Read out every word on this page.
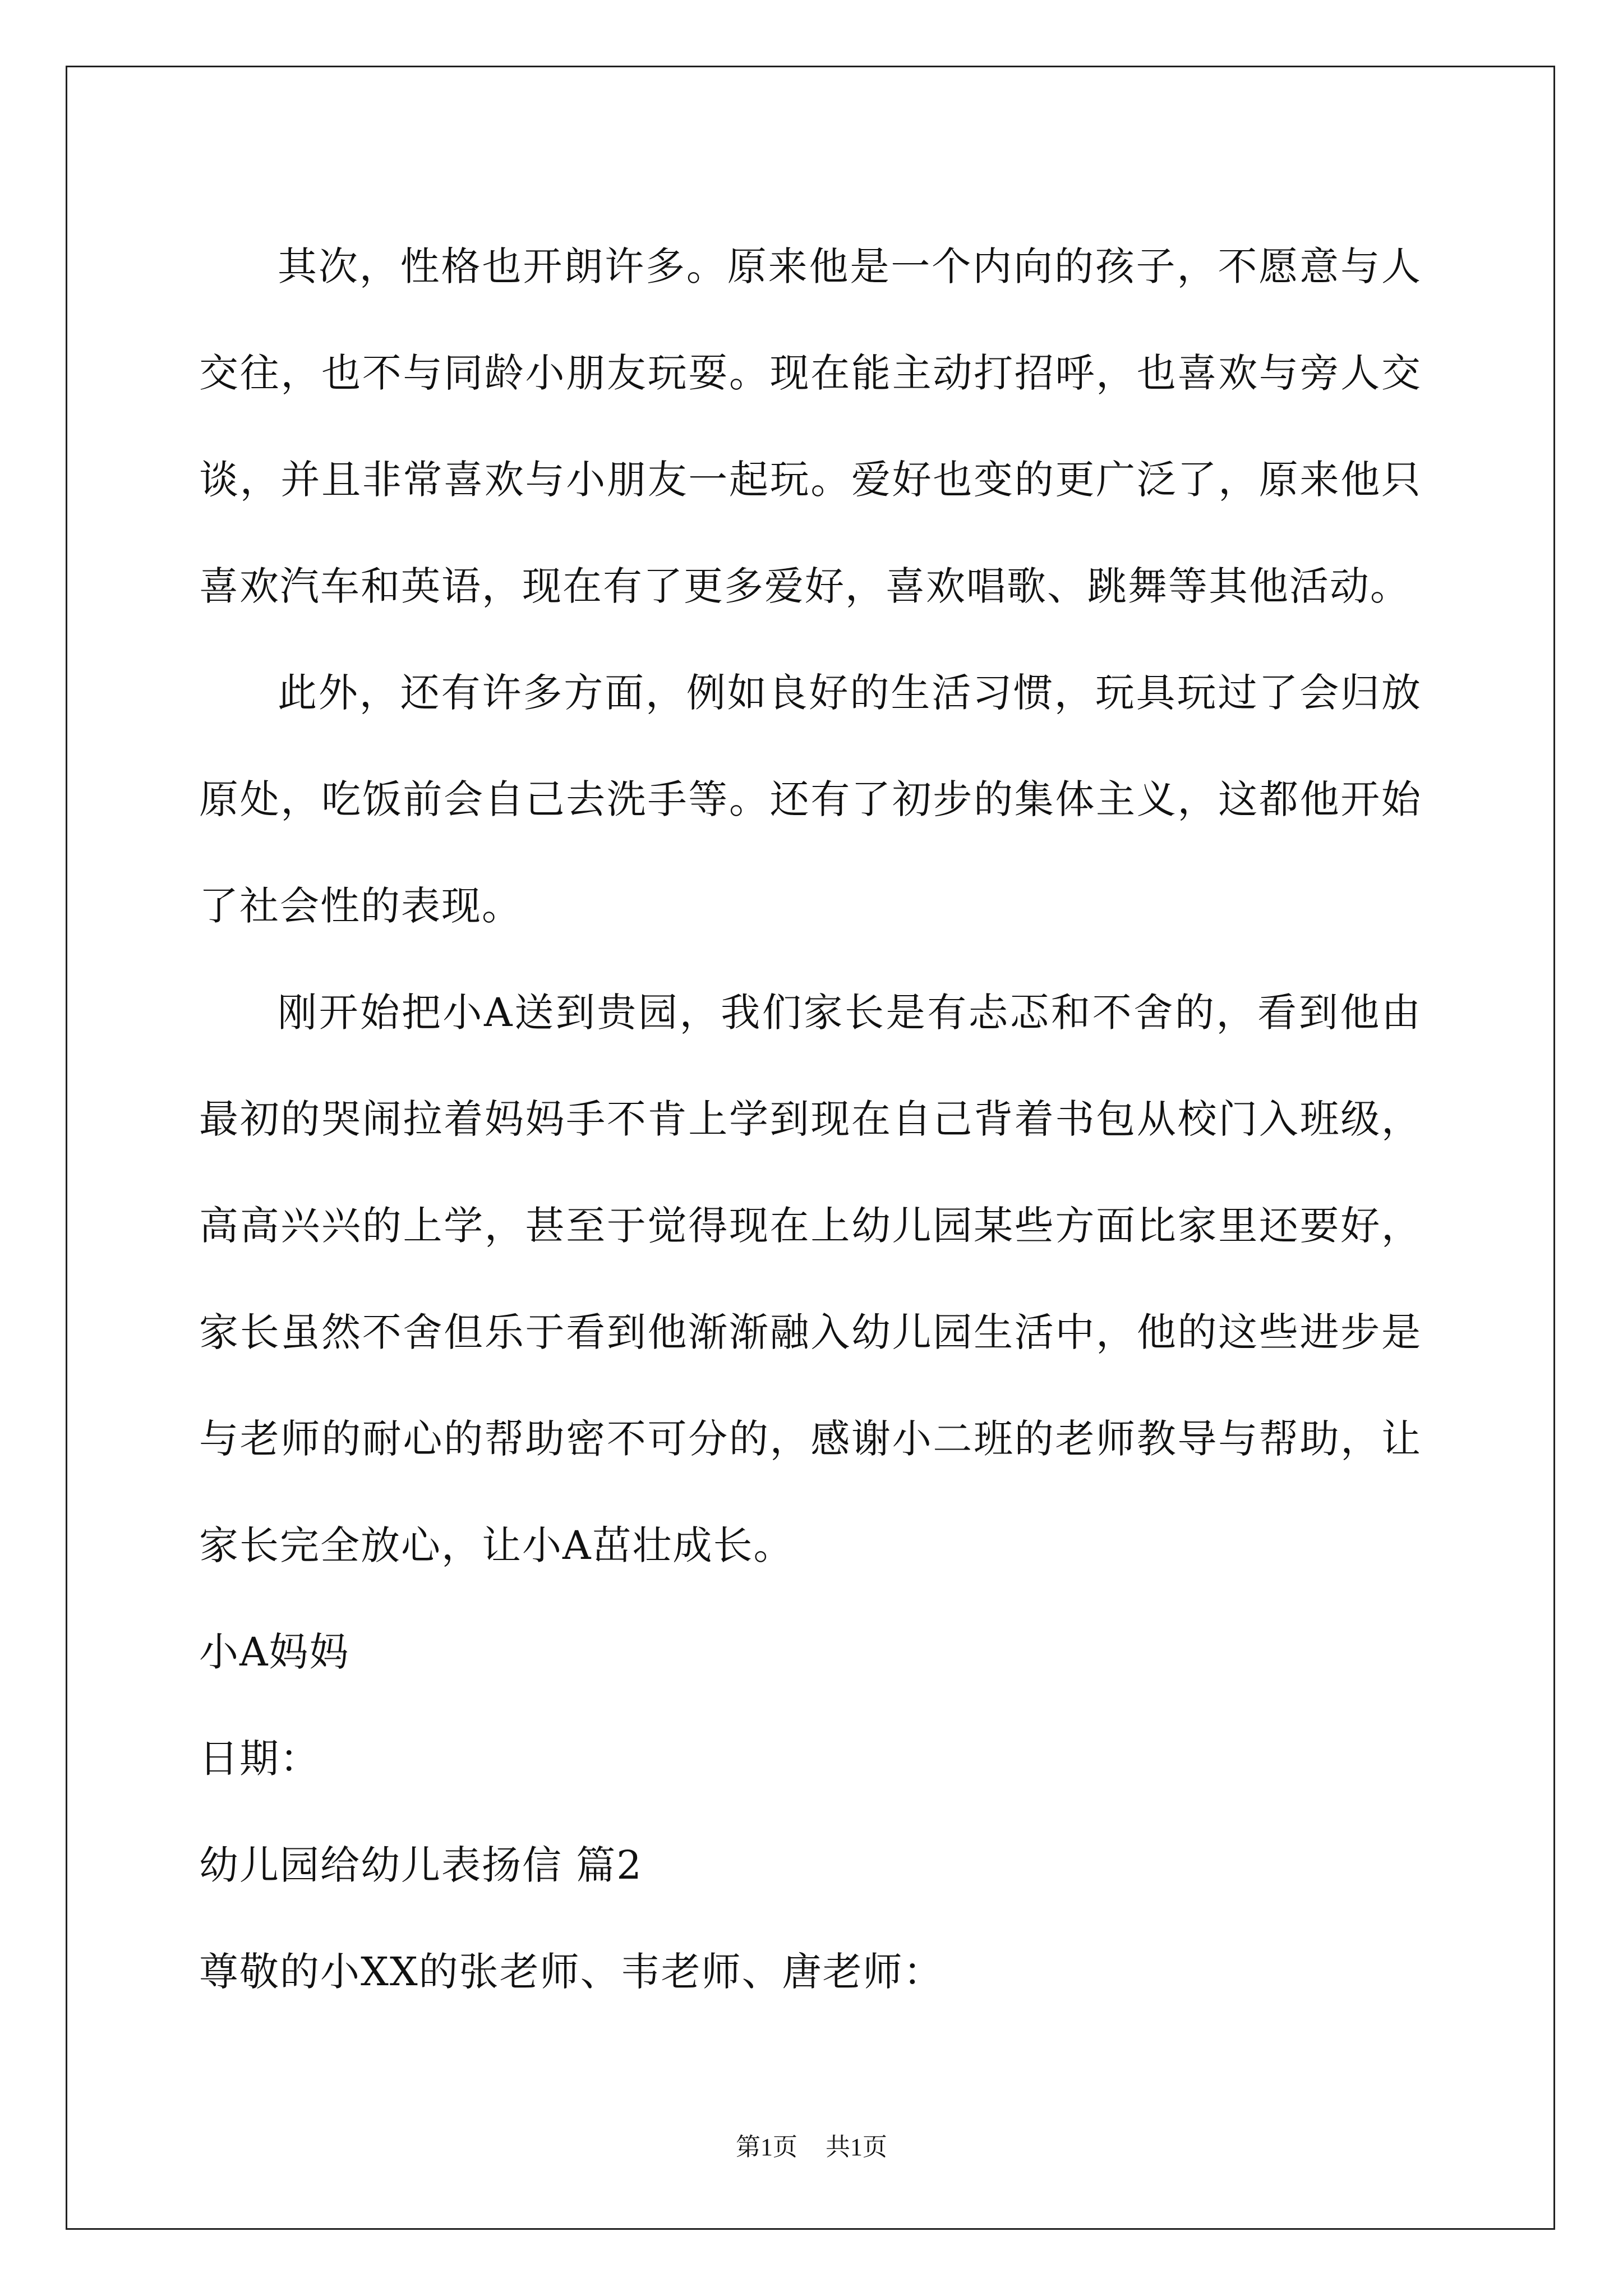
其次，性格也开朗许多。原来他是一个内向的孩子，不愿意与人交往，也不与同龄小朋友玩耍。现在能主动打招呼，也喜欢与旁人交谈，并且非常喜欢与小朋友一起玩。爱好也变的更广泛了，原来他只喜欢汽车和英语，现在有了更多爱好，喜欢唱歌、跳舞等其他活动。

此外，还有许多方面，例如良好的生活习惯，玩具玩过了会归放原处，吃饭前会自己去洗手等。还有了初步的集体主义，这都他开始了社会性的表现。

刚开始把小A送到贵园，我们家长是有忐忑和不舍的，看到他由最初的哭闹拉着妈妈手不肯上学到现在自己背着书包从校门入班级，高高兴兴的上学，甚至于觉得现在上幼儿园某些方面比家里还要好，家长虽然不舍但乐于看到他渐渐融入幼儿园生活中，他的这些进步是与老师的耐心的帮助密不可分的，感谢小二班的老师教导与帮助，让家长完全放心，让小A茁壮成长。

小A妈妈

日期：

幼儿园给幼儿表扬信 篇2

尊敬的小XX的张老师、韦老师、唐老师：

第1页 共1页
